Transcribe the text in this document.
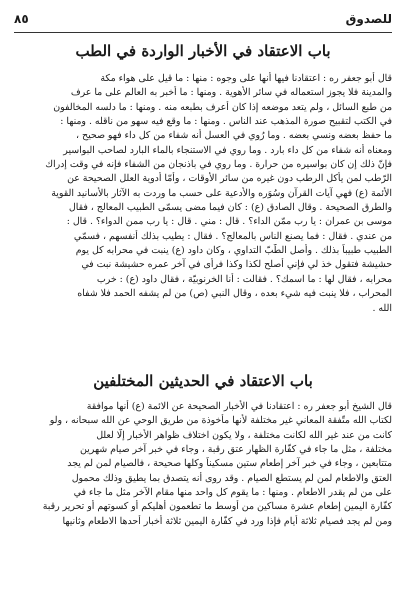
للصدوق
٨٥
باب الاعتقاد في الأخبار الواردة في الطب
قال أبو جعفر ره : اعتقادنا فيها أنها على وجوه : منها : ما قيل على هواء مكة
والمدينة فلا يجوز استعماله في سائر الأهوية . ومنها : ما أخبر به العالم على ما عرف
من طبع السائل ، ولم يتعد موضعه إذا كان أعرف بطبعه منه . ومنها : ما دلسه المخالفون
في الكتب لتقبيح صورة المذهب عند الناس . ومنها : ما وقع فيه سهو من ناقله . ومنها :
ما حفظ بعضه ونسي بعضه . وما رُوي في العسل أنه شفاء من كل داء فهو صحيح ،
ومعناه أنه شفاء من كل داء بارد . وما روي في الاستنجاء بالماء البارد لصاحب البواسير
فإنّ ذلك إن كان بواسيره من حرارة . وما روي في باذنجان من الشفاء فإنه في وقت إدراك
الرّطب لمن يأكل الرطب دون غيره من سائر الأوقات ، وأمّا أدوية العلل الصحيحة عن
الأئمة (ع) فهي آيات القرآن وسُوَره والأدعية على حسب ما وردت به الآثار بالأسانيد القوية
والطرق الصحيحة . وقال الصادق (ع) : كان فيما مضى يسمّى الطبيب المعالج ، فقال
موسى بن عمران : يا رب ممّن الداء؟ . قال : مني . قال : يا رب ممن الدواء؟ . قال :
من عندي . فقال : فما يصنع الناس بالمعالج؟ . فقال : يطيب بذلك أنفسهم ، فسمّي
الطبيب طبيباً بذلك . وأصل الطّبّ التداوي ، وكان داود (ع) ينبت في محرابه كل يوم
حشيشة فتقول خذ لي فإني أصلح لكذا وكذا فرأى في آخر عمره حشيشة نبت في
محرابه ، فقال لها : ما اسمك؟ . فقالت : أنا الخرنوبيّة ، فقال داود (ع) : خرب
المحراب ، فلا ينبت فيه شيء بعده ، وقال النبي (ص) من لم يشفه الحمد فلا شفاه
الله .
باب الاعتقاد في الحديثين المختلفين
قال الشيخ أبو جعفر ره : اعتقادنا في الأخبار الصحيحة عن الائمة (ع) أنها موافقة
لكتاب الله متّفقة المعاني غير مختلفة لأنها مأخوذة من طريق الوحي عن الله سبحانه ، ولو
كانت من عند غير الله لكانت مختلفة ، ولا يكون اختلاف ظواهر الأخبار إلّا لعلل
مختلفة ، مثل ما جاء في كفّارة الظهار عتق رقبة ، وجاء في خبر آخر صيام شهرين
متتابعين ، وجاء في خبر آخر إطعام ستين مسكيناً وكلها صحيحة ، فالصيام لمن لم يجد
العتق والاطعام لمن لم يستطع الصيام . وقد روى أنه يتصدق بما يطيق وذلك محمول
على من لم يقدر الاطعام . ومنها : ما يقوم كل واحد منها مقام الآخر مثل ما جاء في
كفّارة اليمين إطعام عشرة مساكين من أوسط ما تطعمون أهليكم أو كسوتهم أو تحرير رقبة
ومن لم يجد فصيام ثلاثة أيام فإذا ورد في كفّارة اليمين ثلاثة أخبار أحدها الاطعام وثانيها
